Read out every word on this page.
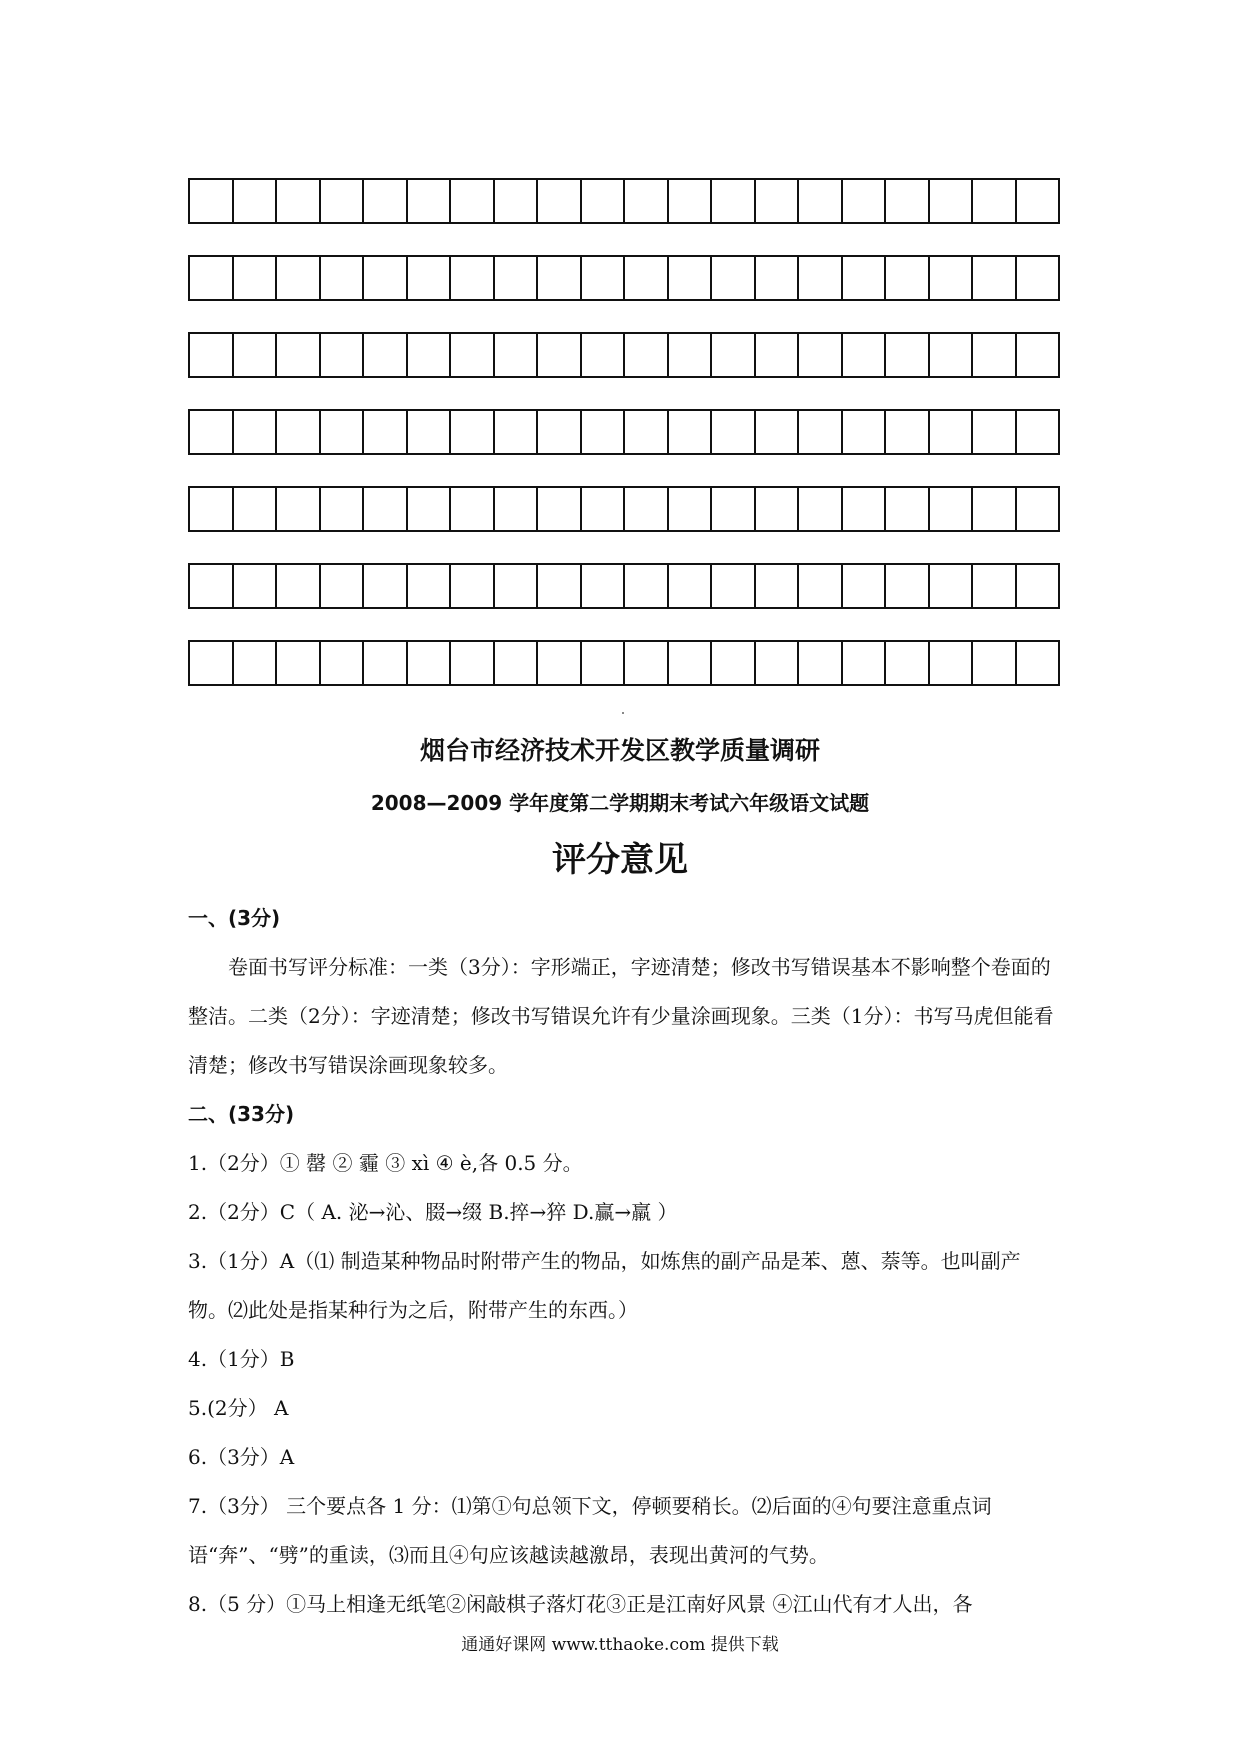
烟台市经济技术开发区教学质量调研
2008—2009 学年度第二学期期末考试六年级语文试题
评分意见

一、(3分)

卷面书写评分标准：一类（3分）：字形端正，字迹清楚；修改书写错误基本不影响整个卷面的整洁。二类（2分）：字迹清楚；修改书写错误允许有少量涂画现象。三类（1分）：书写马虎但能看清楚；修改书写错误涂画现象较多。

二、(33分)

1.（2分）① 罄 ② 霾 ③ xì ④ è,各 0.5 分。

2.（2分）C（ A. 泌→沁、腏→缀 B.捽→猝 D.赢→羸 ）

3.（1分）A（⑴ 制造某种物品时附带产生的物品，如炼焦的副产品是苯、蒽、萘等。也叫副产物。⑵此处是指某种行为之后，附带产生的东西。）

4.（1分）B

5.(2分） A

6.（3分）A

7.（3分） 三个要点各 1 分：⑴第①句总领下文，停顿要稍长。⑵后面的④句要注意重点词语“奔”、“劈”的重读，⑶而且④句应该越读越激昂，表现出黄河的气势。

8.（5 分）①马上相逢无纸笔②闲敲棋子落灯花③正是江南好风景 ④江山代有才人出，各

通通好课网 www.tthaoke.com 提供下载
